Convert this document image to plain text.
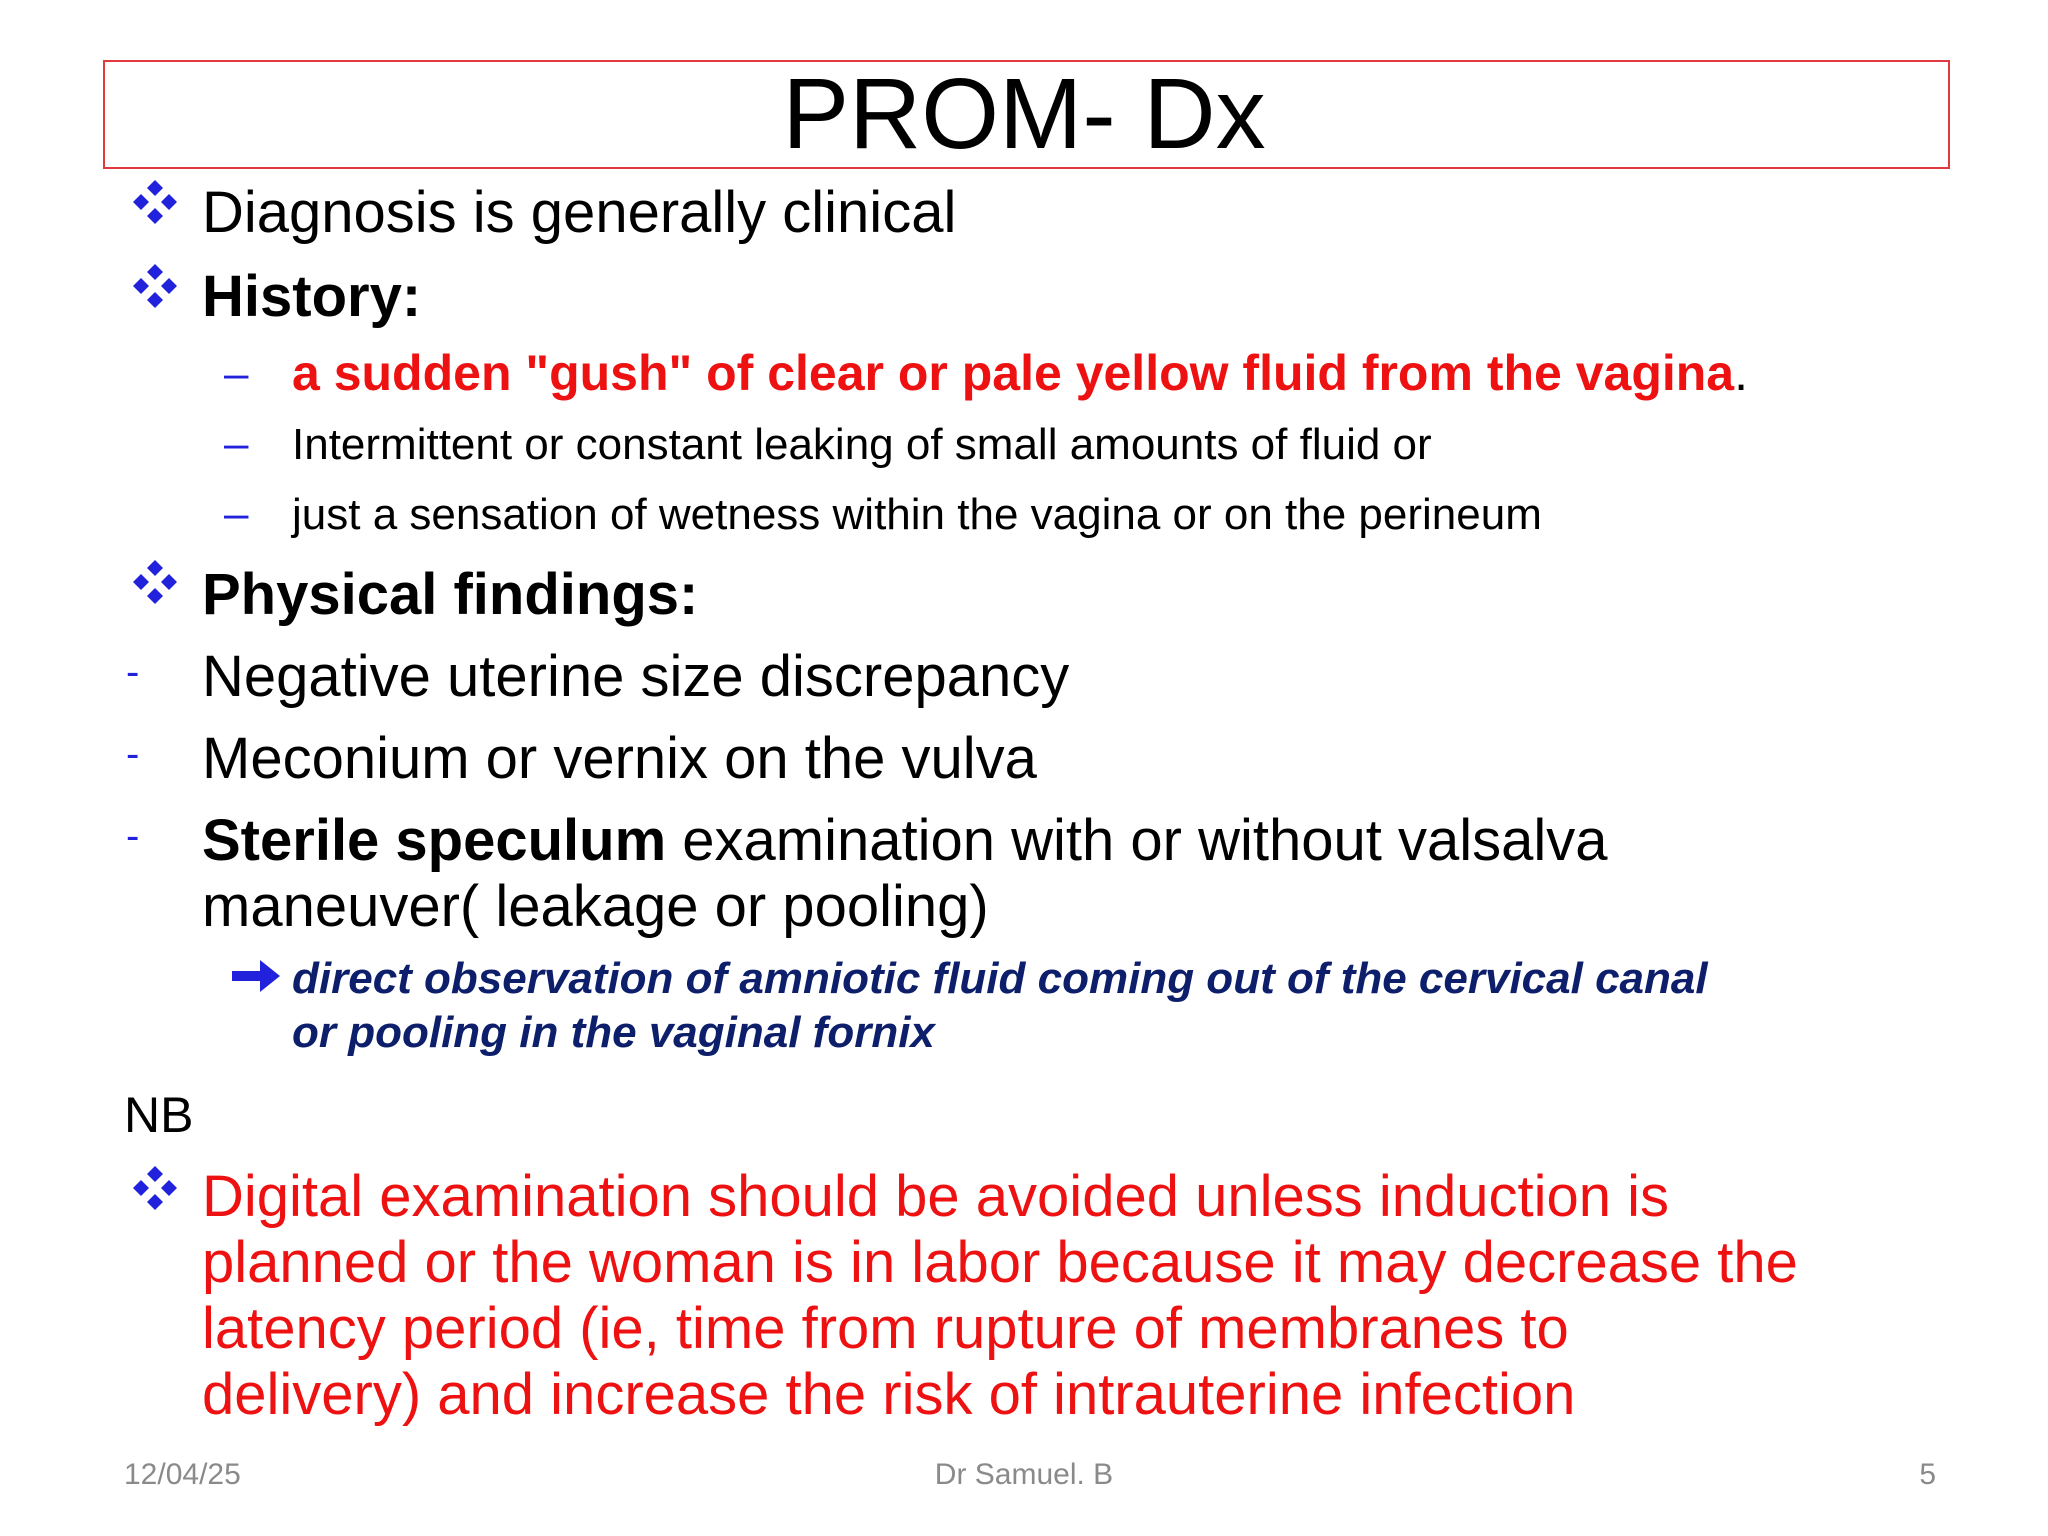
PROM- Dx
Diagnosis is generally clinical
History:
– a sudden "gush" of clear or pale yellow fluid from the vagina.
– Intermittent or constant leaking of small amounts of fluid or
– just a sensation of wetness within the vagina or on the perineum
Physical findings:
- Negative uterine size discrepancy
- Meconium or vernix on the vulva
- Sterile speculum examination with or without valsalva
maneuver( leakage or pooling)
direct observation of amniotic fluid coming out of the cervical canal
or pooling in the vaginal fornix
NB
Digital examination should be avoided unless induction is
planned or the woman is in labor because it may decrease the
latency period (ie, time from rupture of membranes to
delivery) and increase the risk of intrauterine infection
12/04/25	Dr Samuel. B	5
